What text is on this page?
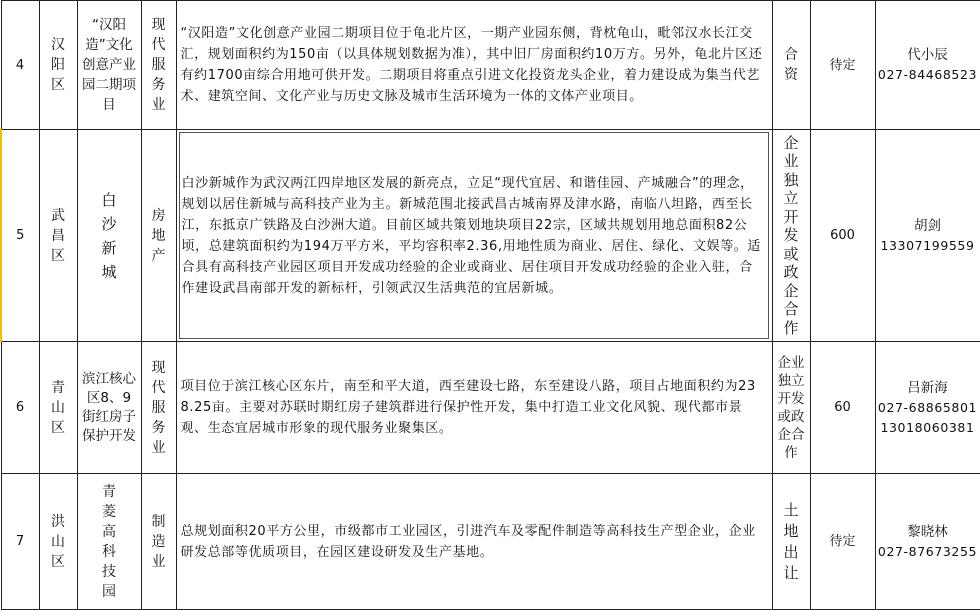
4	汉阳区	“汉阳造”文化创意产业园二期项目	现代服务业	“汉阳造”文化创意产业园二期项目位于龟北片区，一期产业园东侧，背枕龟山，毗邻汉水长江交汇，规划面积约为150亩（以具体规划数据为准），其中旧厂房面积约10万方。另外，龟北片区还有约1700亩综合用地可供开发。二期项目将重点引进文化投资龙头企业，着力建设成为集当代艺术、建筑空间、文化产业与历史文脉及城市生活环境为一体的文体产业项目。	合资	待定	代小辰
027-84468523

5	武昌区	白沙新城	房地产	白沙新城作为武汉两江四岸地区发展的新亮点，立足“现代宜居、和谐佳园、产城融合”的理念，规划以居住新城与高科技产业为主。新城范围北接武昌古城南界及津水路，南临八坦路，西至长江，东抵京广铁路及白沙洲大道。目前区域共策划地块项目22宗，区域共规划用地总面积82公顷，总建筑面积约为194万平方米，平均容积率2.36,用地性质为商业、居住、绿化、文娱等。适合具有高科技产业园区项目开发成功经验的企业或商业、居住项目开发成功经验的企业入驻，合作建设武昌南部开发的新标杆，引领武汉生活典范的宜居新城。	企业独立开发或政企合作	600	胡剑
13307199559

6	青山区	滨江核心区8、9街红房子保护开发	现代服务业	项目位于滨江核心区东片，南至和平大道，西至建设七路，东至建设八路，项目占地面积约为238.25亩。主要对苏联时期红房子建筑群进行保护性开发，集中打造工业文化风貌、现代都市景观、生态宜居城市形象的现代服务业聚集区。	企业独立开发或政企合作	60	吕新海
027-68865801
13018060381

7	洪山区	青菱高科技园	制造业	总规划面积20平方公里，市级都市工业园区，引进汽车及零配件制造等高科技生产型企业，企业研发总部等优质项目，在园区建设研发及生产基地。	土地出让	待定	黎晓林
027-87673255
